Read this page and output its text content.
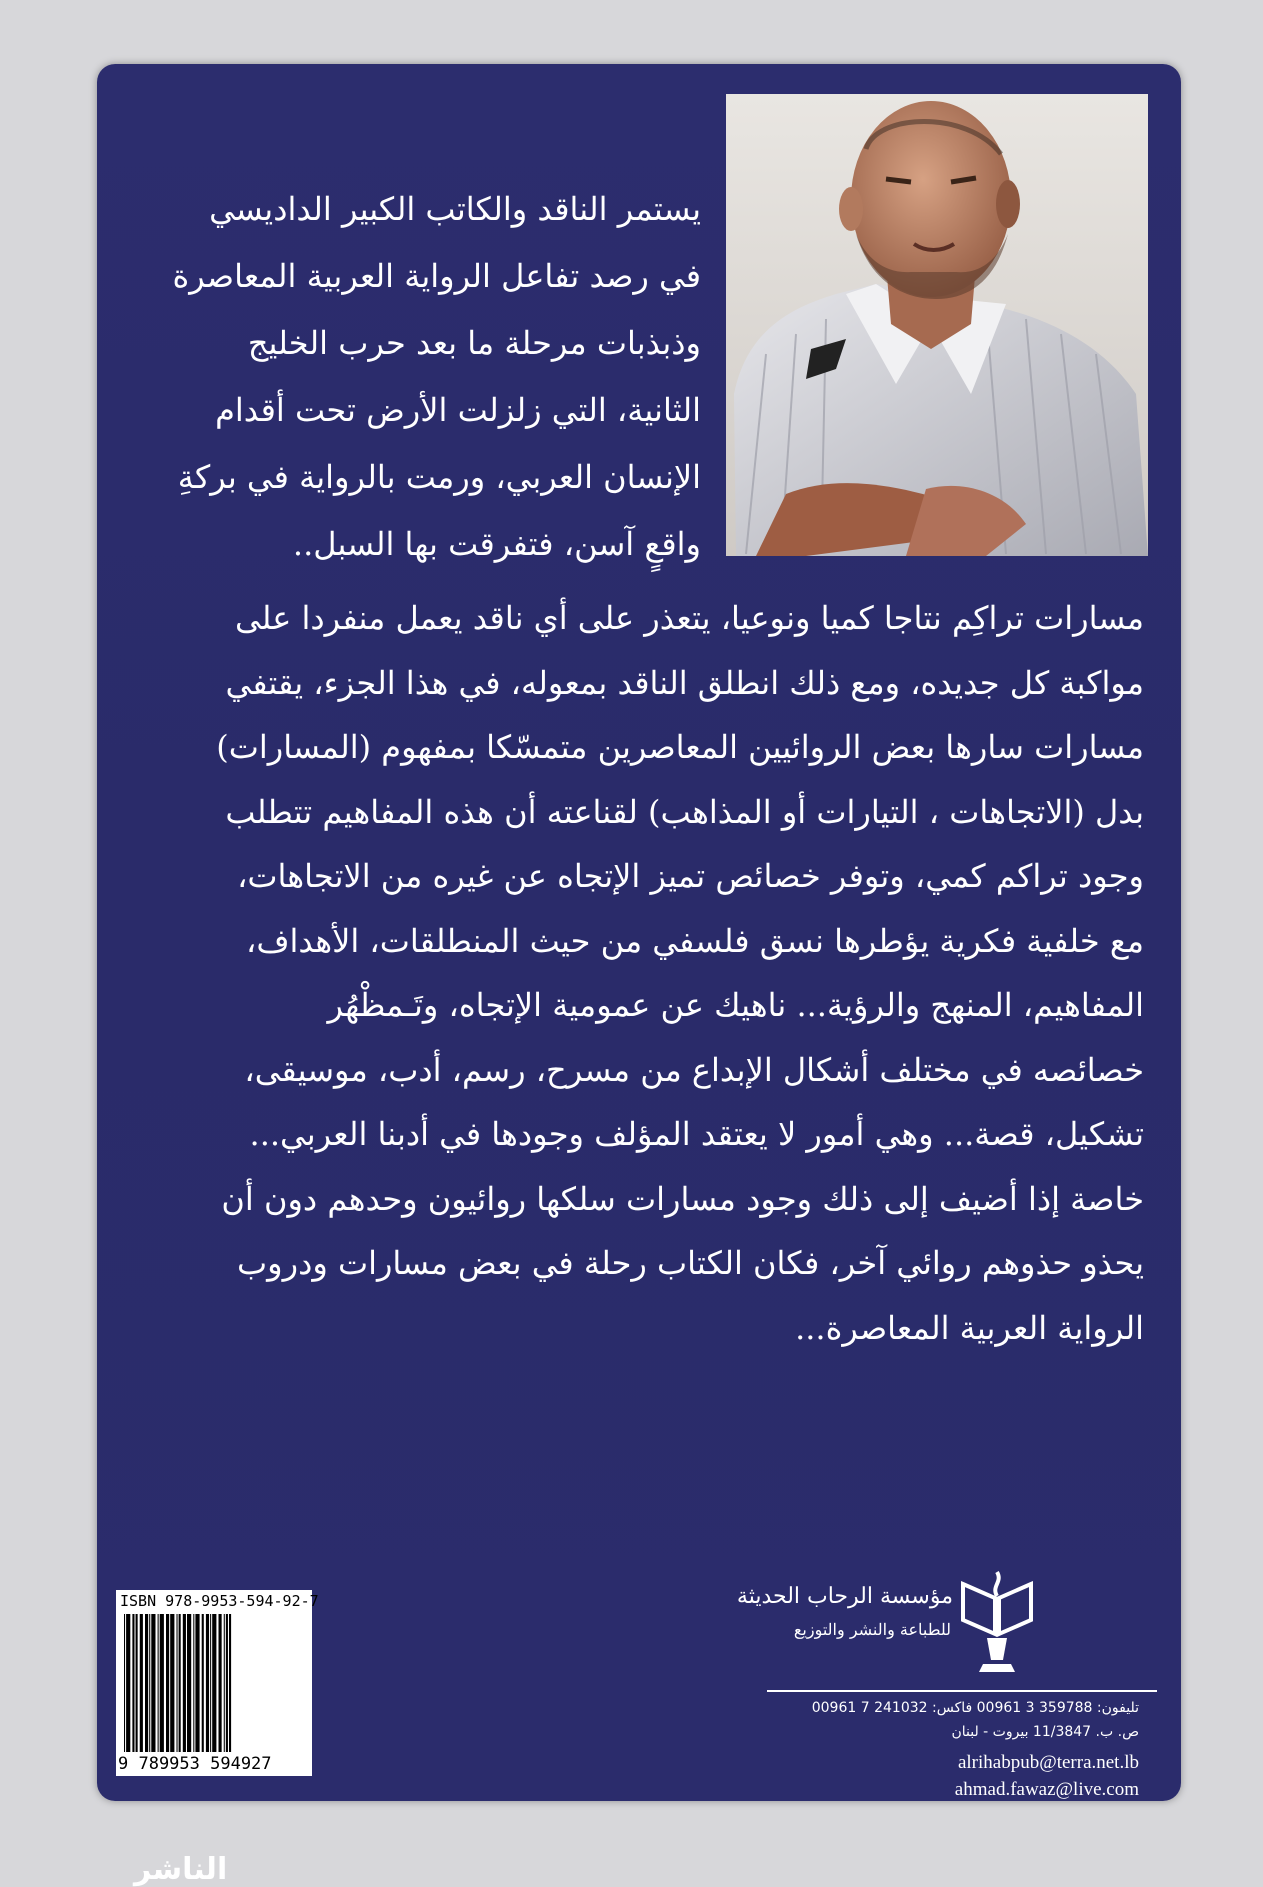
يستمر الناقد والكاتب الكبير الداديسي
في رصد تفاعل الرواية العربية المعاصرة
وذبذبات مرحلة ما بعد حرب الخليج
الثانية، التي زلزلت الأرض تحت أقدام
الإنسان العربي، ورمت بالرواية في بركةِ
واقعٍ آسن، فتفرقت بها السبل..
مسارات تراكِم نتاجا كميا ونوعيا، يتعذر على أي ناقد يعمل منفردا على
مواكبة كل جديده، ومع ذلك انطلق الناقد بمعوله، في هذا الجزء، يقتفي
مسارات سارها بعض الروائيين المعاصرين متمسّكا بمفهوم (المسارات)
بدل (الاتجاهات ، التيارات أو المذاهب) لقناعته أن هذه المفاهيم تتطلب
وجود تراكم كمي، وتوفر خصائص تميز الإتجاه عن غيره من الاتجاهات،
مع خلفية فكرية يؤطرها نسق فلسفي من حيث المنطلقات، الأهداف،
المفاهيم، المنهج والرؤية... ناهيك عن عمومية الإتجاه، وتَـمظْهُر
خصائصه في مختلف أشكال الإبداع من مسرح، رسم، أدب، موسيقى،
تشكيل، قصة... وهي أمور لا يعتقد المؤلف وجودها في أدبنا العربي...
خاصة إذا أضيف إلى ذلك وجود مسارات سلكها روائيون وحدهم دون أن
يحذو حذوهم روائي آخر، فكان الكتاب رحلة في بعض مسارات ودروب
الرواية العربية المعاصرة...
الناشر
ISBN 978-9953-594-92-7
9 789953 594927
مؤسسة الرحاب الحديثة
للطباعة والنشر والتوزيع
تليفون: 359788 3 00961 فاكس: 241032 7 00961
ص. ب. 11/3847 بيروت - لبنان
alrihabpub@terra.net.lb
ahmad.fawaz@live.com
